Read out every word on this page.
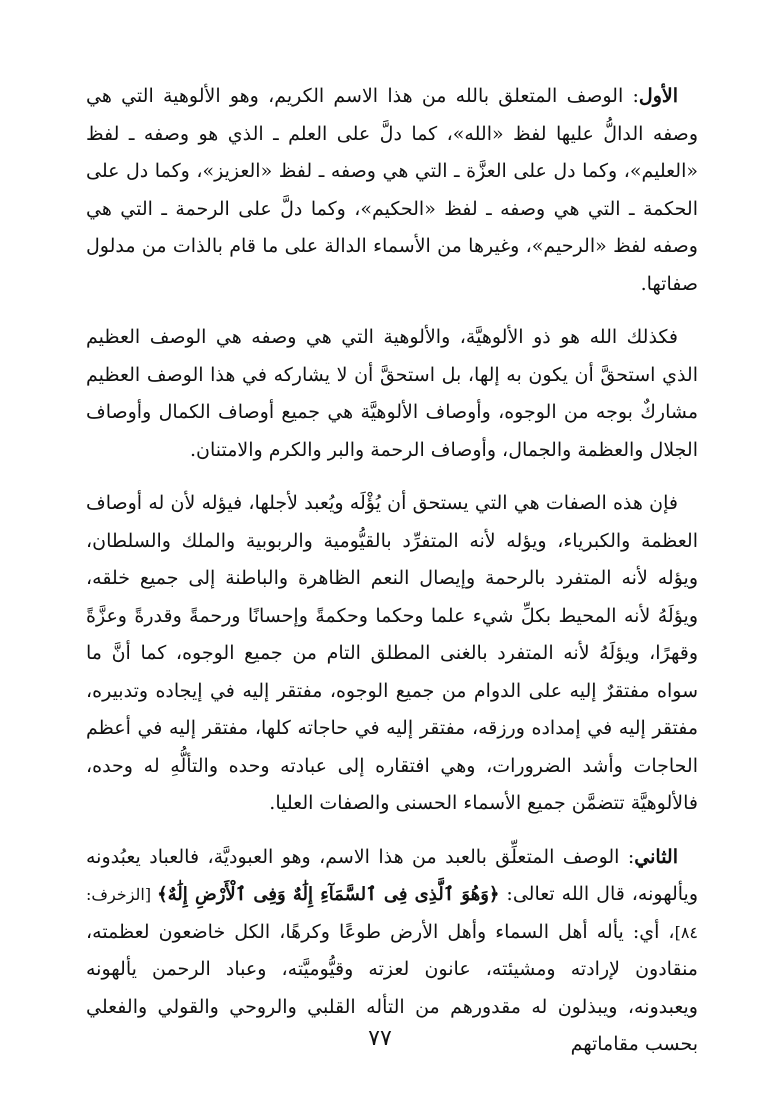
الأول: الوصف المتعلق بالله من هذا الاسم الكريم، وهو الألوهية التي هي وصفه الدالُّ عليها لفظ «الله»، كما دلَّ على العلم ـ الذي هو وصفه ـ لفظ «العليم»، وكما دل على العزَّة ـ التي هي وصفه ـ لفظ «العزيز»، وكما دل على الحكمة ـ التي هي وصفه ـ لفظ «الحكيم»، وكما دلَّ على الرحمة ـ التي هي وصفه لفظ «الرحيم»، وغيرها من الأسماء الدالة على ما قام بالذات من مدلول صفاتها.

فكذلك الله هو ذو الألوهيَّة، والألوهية التي هي وصفه هي الوصف العظيم الذي استحقَّ أن يكون به إلها، بل استحقَّ أن لا يشاركه في هذا الوصف العظيم مشاركٌ بوجه من الوجوه، وأوصاف الألوهيَّة هي جميع أوصاف الكمال وأوصاف الجلال والعظمة والجمال، وأوصاف الرحمة والبر والكرم والامتنان.

فإن هذه الصفات هي التي يستحق أن يُؤْلَه ويُعبد لأجلها، فيؤله لأن له أوصاف العظمة والكبرياء، ويؤله لأنه المتفرِّد بالقيُّومية والربوبية والملك والسلطان، ويؤله لأنه المتفرد بالرحمة وإيصال النعم الظاهرة والباطنة إلى جميع خلقه، ويؤلَهُ لأنه المحيط بكلِّ شيء علما وحكما وحكمةً وإحسانًا ورحمةً وقدرةً وعزَّةً وقهرًا، ويؤلَهُ لأنه المتفرد بالغنى المطلق التام من جميع الوجوه، كما أنَّ ما سواه مفتقرٌ إليه على الدوام من جميع الوجوه، مفتقر إليه في إيجاده وتدبيره، مفتقر إليه في إمداده ورزقه، مفتقر إليه في حاجاته كلها، مفتقر إليه في أعظم الحاجات وأشد الضرورات، وهي افتقاره إلى عبادته وحده والتألُّهِ له وحده، فالألوهيَّة تتضمَّن جميع الأسماء الحسنى والصفات العليا.

الثاني: الوصف المتعلِّق بالعبد من هذا الاسم، وهو العبوديَّة، فالعباد يعبُدونه ويألهونه، قال الله تعالى: ﴿وَهُوَ ٱلَّذِى فِى ٱلسَّمَآءِ إِلَٰهٌ وَفِى ٱلْأَرْضِ إِلَٰهٌ﴾ [الزخرف: ٨٤]، أي: يأله أهل السماء وأهل الأرض طوعًا وكرهًا، الكل خاضعون لعظمته، منقادون لإرادته ومشيئته، عانون لعزته وقيُّوميَّته، وعباد الرحمن يألهونه ويعبدونه، ويبذلون له مقدورهم من التأله القلبي والروحي والقولي والفعلي بحسب مقاماتهم

٧٧
